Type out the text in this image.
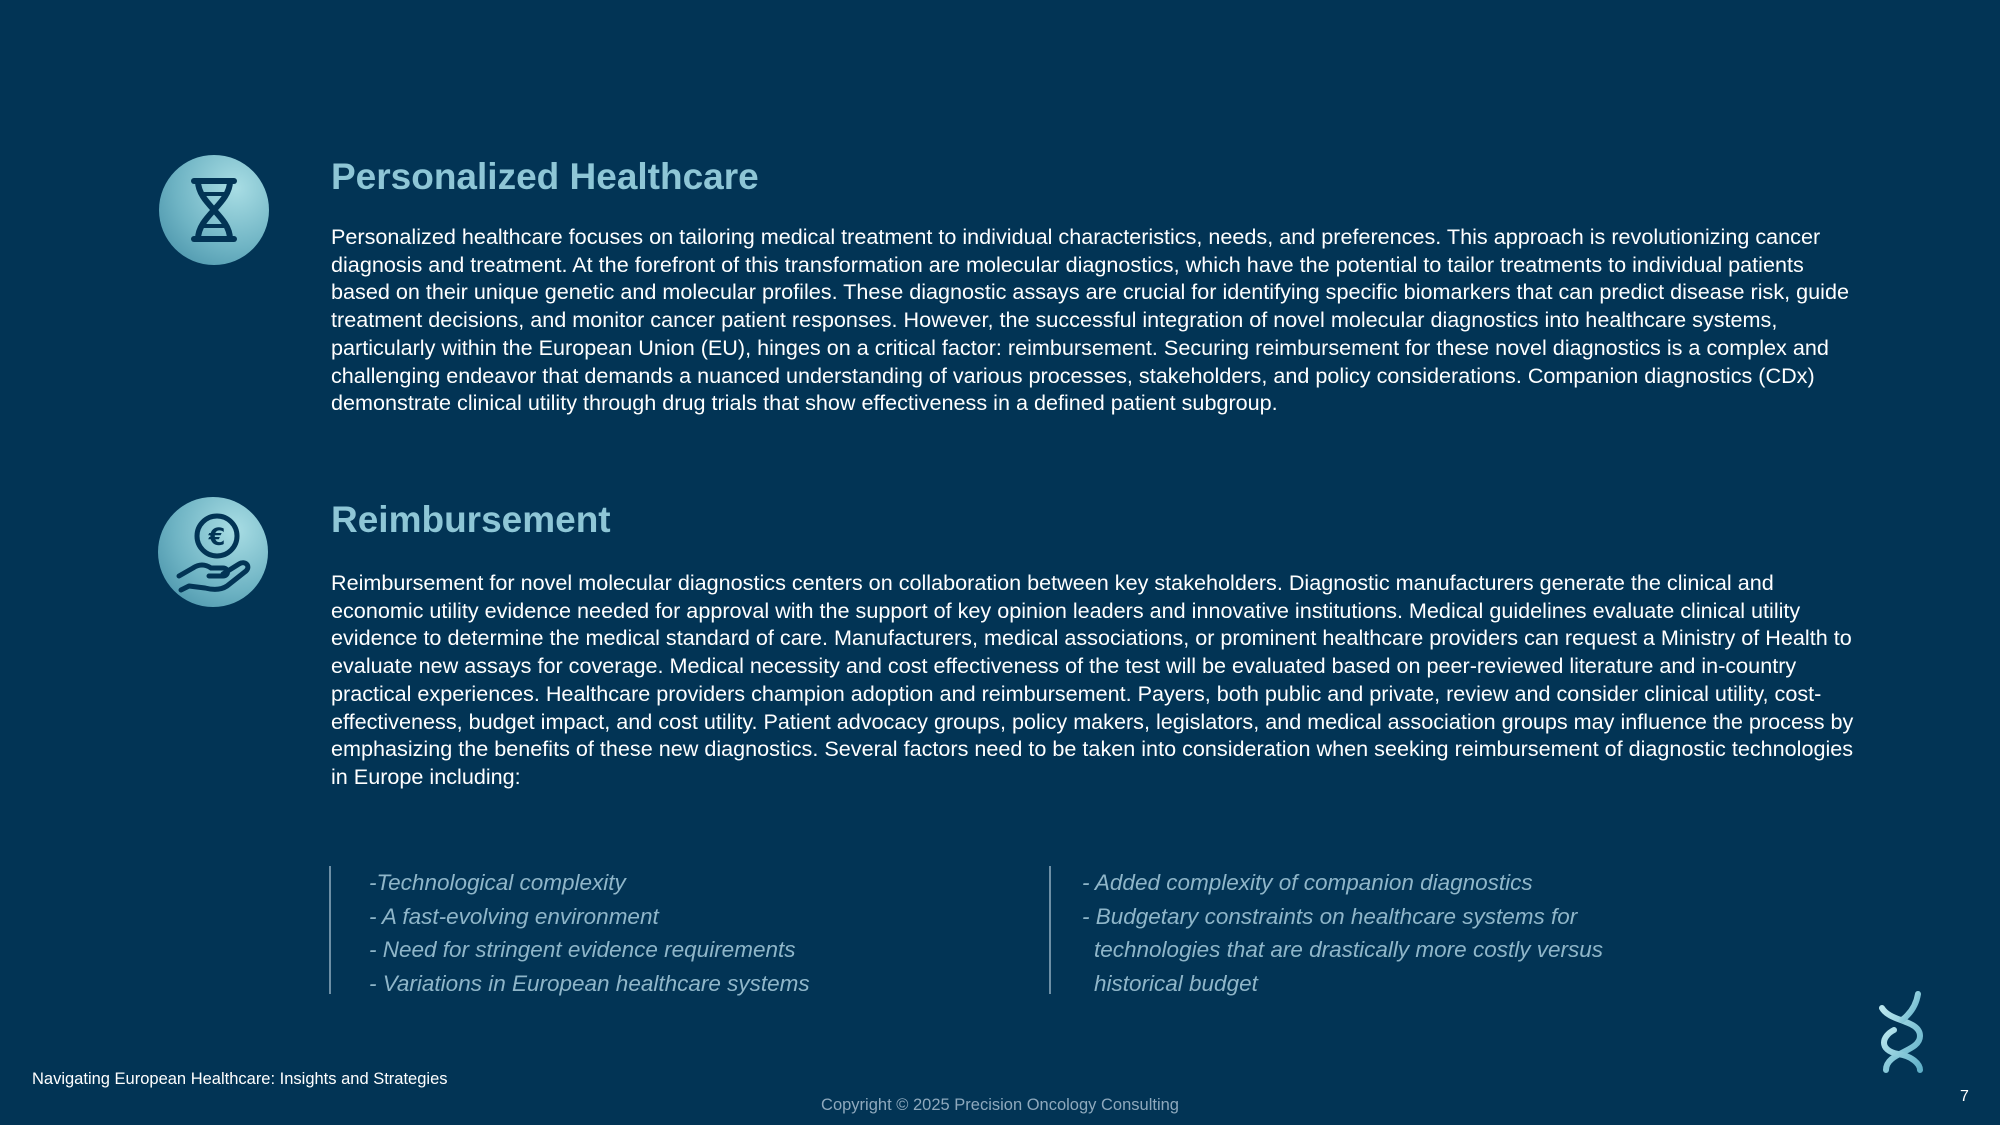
Personalized Healthcare

Personalized healthcare focuses on tailoring medical treatment to individual characteristics, needs, and preferences. This approach is revolutionizing cancer diagnosis and treatment. At the forefront of this transformation are molecular diagnostics, which have the potential to tailor treatments to individual patients based on their unique genetic and molecular profiles. These diagnostic assays are crucial for identifying specific biomarkers that can predict disease risk, guide treatment decisions, and monitor cancer patient responses. However, the successful integration of novel molecular diagnostics into healthcare systems, particularly within the European Union (EU), hinges on a critical factor: reimbursement. Securing reimbursement for these novel diagnostics is a complex and challenging endeavor that demands a nuanced understanding of various processes, stakeholders, and policy considerations. Companion diagnostics (CDx) demonstrate clinical utility through drug trials that show effectiveness in a defined patient subgroup.

€	Reimbursement

Reimbursement for novel molecular diagnostics centers on collaboration between key stakeholders. Diagnostic manufacturers generate the clinical and economic utility evidence needed for approval with the support of key opinion leaders and innovative institutions. Medical guidelines evaluate clinical utility evidence to determine the medical standard of care. Manufacturers, medical associations, or prominent healthcare providers can request a Ministry of Health to evaluate new assays for coverage. Medical necessity and cost effectiveness of the test will be evaluated based on peer-reviewed literature and in-country practical experiences. Healthcare providers champion adoption and reimbursement. Payers, both public and private, review and consider clinical utility, cost-effectiveness, budget impact, and cost utility. Patient advocacy groups, policy makers, legislators, and medical association groups may influence the process by emphasizing the benefits of these new diagnostics. Several factors need to be taken into consideration when seeking reimbursement of diagnostic technologies in Europe including:

-Technological complexity
- A fast-evolving environment
- Need for stringent evidence requirements
- Variations in European healthcare systems
- Added complexity of companion diagnostics
- Budgetary constraints on healthcare systems for
technologies that are drastically more costly versus
historical budget
Navigating European Healthcare: Insights and Strategies
Copyright © 2025 Precision Oncology Consulting	7
